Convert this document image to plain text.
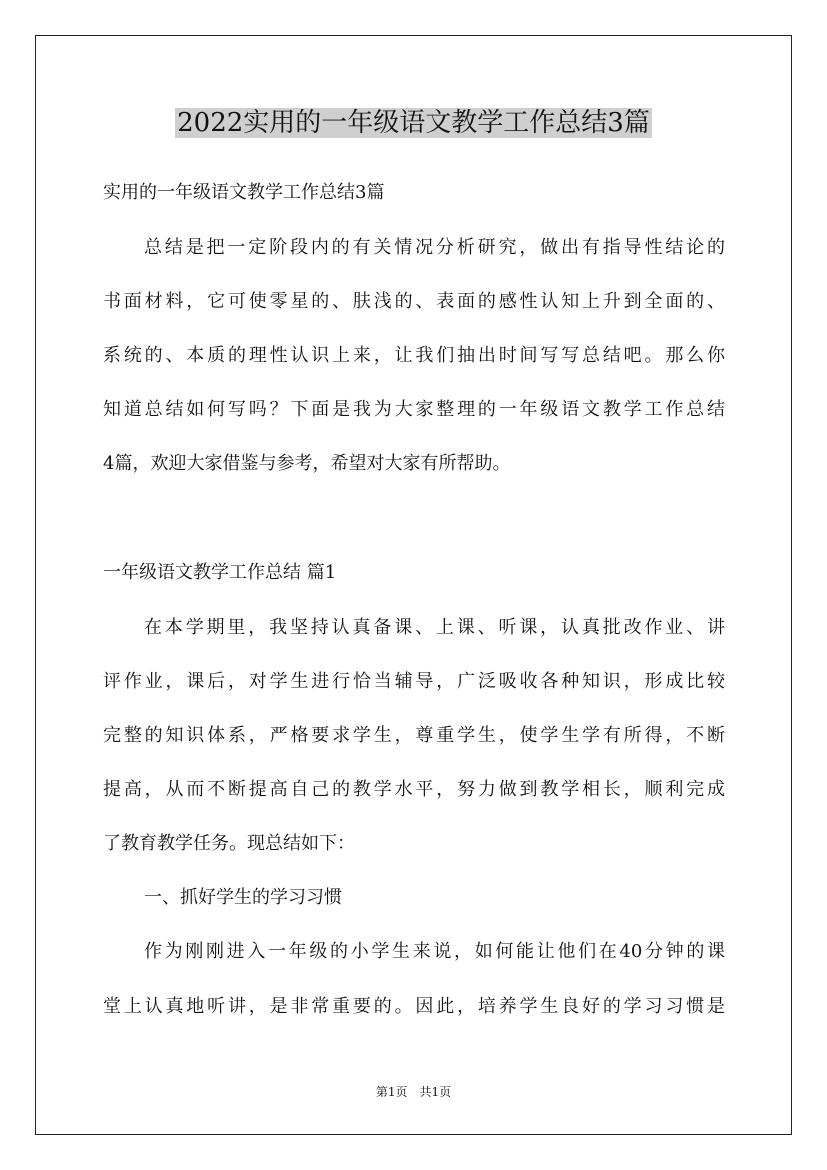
2022实用的一年级语文教学工作总结3篇
实用的一年级语文教学工作总结3篇
总结是把一定阶段内的有关情况分析研究，做出有指导性结论的
书面材料，它可使零星的、肤浅的、表面的感性认知上升到全面的、
系统的、本质的理性认识上来，让我们抽出时间写写总结吧。那么你
知道总结如何写吗？下面是我为大家整理的一年级语文教学工作总结
4篇，欢迎大家借鉴与参考，希望对大家有所帮助。
一年级语文教学工作总结 篇1
在本学期里，我坚持认真备课、上课、听课，认真批改作业、讲
评作业，课后，对学生进行恰当辅导，广泛吸收各种知识，形成比较
完整的知识体系，严格要求学生，尊重学生，使学生学有所得，不断
提高，从而不断提高自己的教学水平，努力做到教学相长，顺利完成
了教育教学任务。现总结如下：
一、抓好学生的学习习惯
作为刚刚进入一年级的小学生来说，如何能让他们在40分钟的课
堂上认真地听讲，是非常重要的。因此，培养学生良好的学习习惯是
第1页　共1页
